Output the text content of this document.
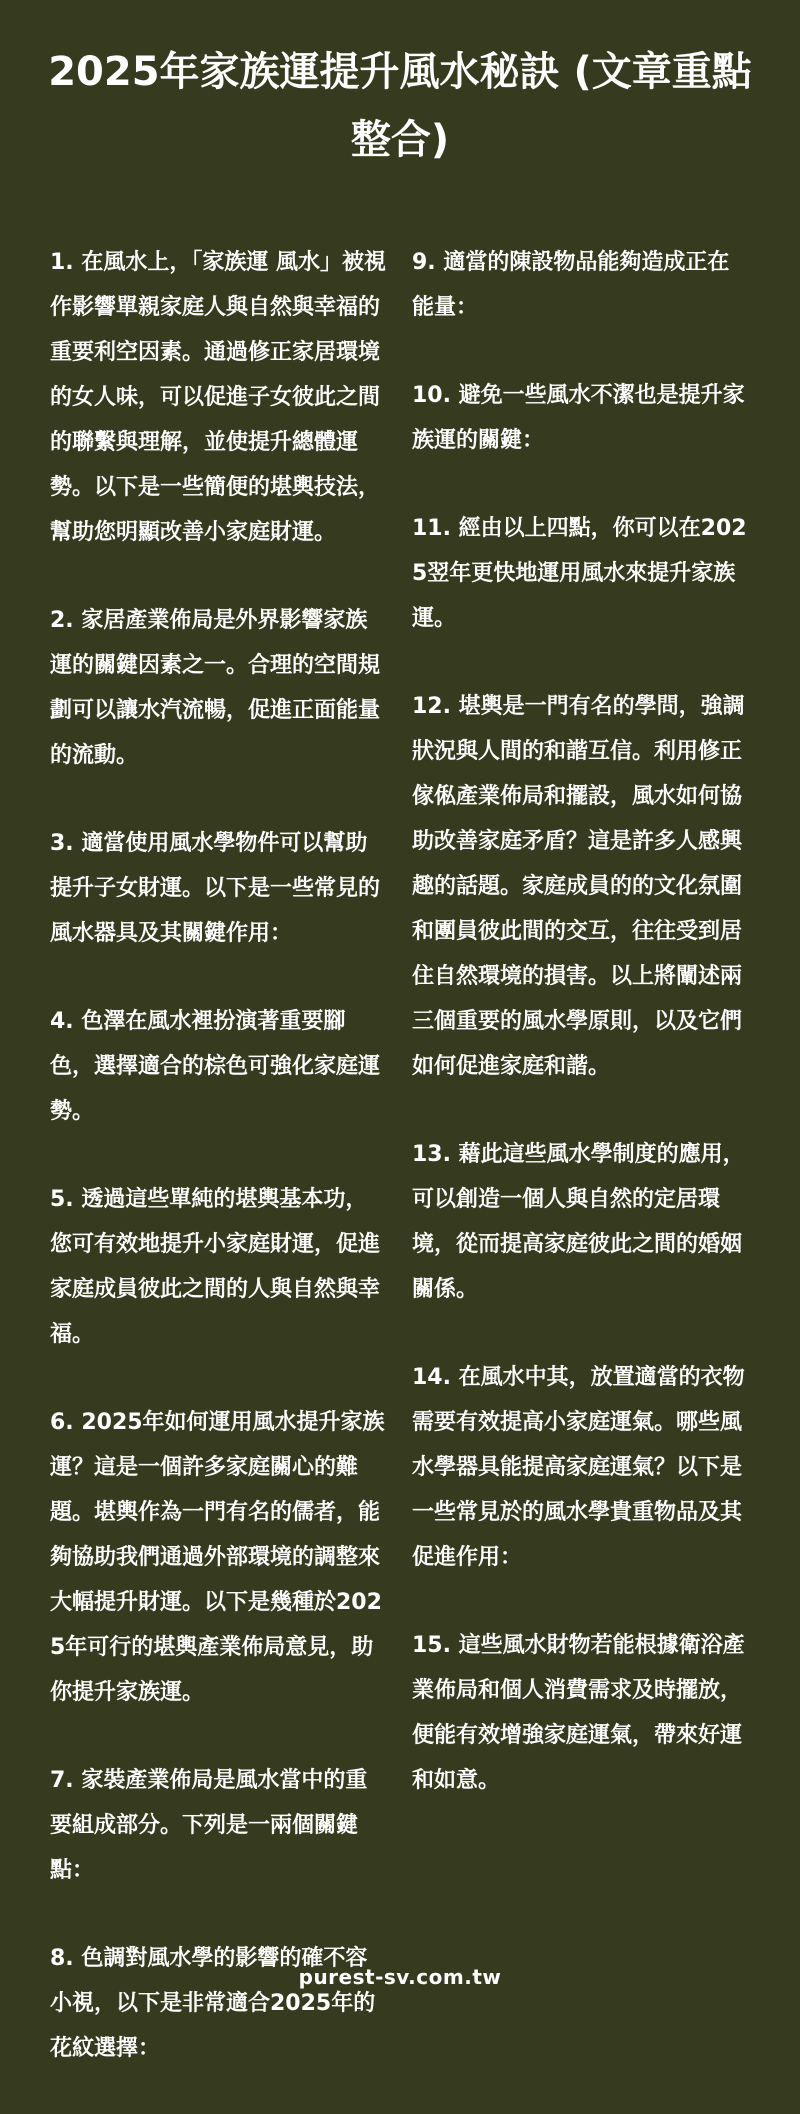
2025年家族運提升風水秘訣 (文章重點整合)

1. 在風水上，「家族運 風水」被視作影響單親家庭人與自然與幸福的重要利空因素。通過修正家居環境的女人味，可以促進子女彼此之間的聯繫與理解，並使提升總體運勢。以下是一些簡便的堪輿技法，幫助您明顯改善小家庭財運。

2. 家居產業佈局是外界影響家族運的關鍵因素之一。合理的空間規劃可以讓水汽流暢，促進正面能量的流動。

3. 適當使用風水學物件可以幫助提升子女財運。以下是一些常見的風水器具及其關鍵作用：

4. 色澤在風水裡扮演著重要腳色，選擇適合的棕色可強化家庭運勢。

5. 透過這些單純的堪輿基本功，您可有效地提升小家庭財運，促進家庭成員彼此之間的人與自然與幸福。

6. 2025年如何運用風水提升家族運？這是一個許多家庭關心的難題。堪輿作為一門有名的儒者，能夠協助我們通過外部環境的調整來大幅提升財運。以下是幾種於2025年可行的堪輿產業佈局意見，助你提升家族運。

7. 家裝產業佈局是風水當中的重要組成部分。下列是一兩個關鍵點：

8. 色調對風水學的影響的確不容小視，以下是非常適合2025年的花紋選擇：

9. 適當的陳設物品能夠造成正在能量：

10. 避免一些風水不潔也是提升家族運的關鍵：

11. 經由以上四點，你可以在2025翌年更快地運用風水來提升家族運。

12. 堪輿是一門有名的學問，強調狀況與人間的和諧互信。利用修正傢俬產業佈局和擺設，風水如何協助改善家庭矛盾？這是許多人感興趣的話題。家庭成員的的文化氛圍和團員彼此間的交互，往往受到居住自然環境的損害。以上將闡述兩三個重要的風水學原則，以及它們如何促進家庭和諧。

13. 藉此這些風水學制度的應用，可以創造一個人與自然的定居環境，從而提高家庭彼此之間的婚姻關係。

14. 在風水中其，放置適當的衣物需要有效提高小家庭運氣。哪些風水學器具能提高家庭運氣？以下是一些常見於的風水學貴重物品及其促進作用：

15. 這些風水財物若能根據衛浴產業佈局和個人消費需求及時擺放，便能有效增強家庭運氣，帶來好運和如意。

purest-sv.com.tw
